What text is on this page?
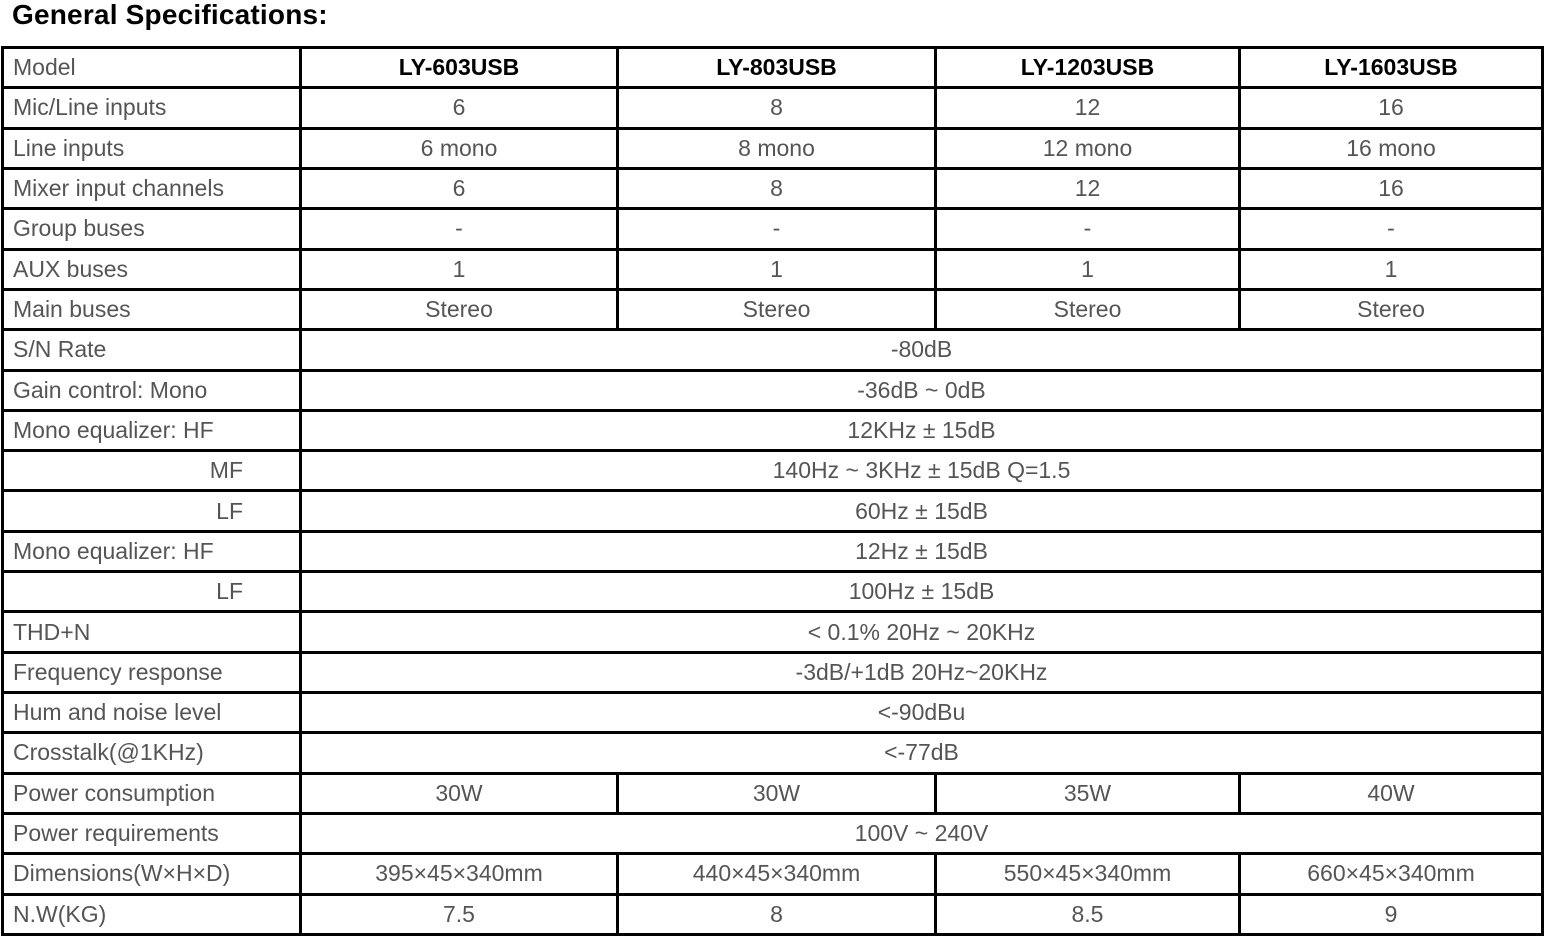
General Specifications:
Model	LY-603USB	LY-803USB	LY-1203USB	LY-1603USB
Mic/Line inputs	6	8	12	16
Line inputs	6 mono	8 mono	12 mono	16 mono
Mixer input channels	6	8	12	16
Group buses	-	-	-	-
AUX buses	1	1	1	1
Main buses	Stereo	Stereo	Stereo	Stereo
S/N Rate	-80dB			
Gain control: Mono	-36dB ~ 0dB			
Mono equalizer: HF	12KHz ± 15dB			
MF	140Hz ~ 3KHz ± 15dB Q=1.5			
LF	60Hz ± 15dB			
Mono equalizer: HF	12Hz ± 15dB			
LF	100Hz ± 15dB			
THD+N	< 0.1% 20Hz ~ 20KHz			
Frequency response	-3dB/+1dB 20Hz~20KHz			
Hum and noise level	<-90dBu			
Crosstalk(@1KHz)	<-77dB			
Power consumption	30W	30W	35W	40W
Power requirements	100V ~ 240V			
Dimensions(W×H×D)	395×45×340mm	440×45×340mm	550×45×340mm	660×45×340mm
N.W(KG)	7.5	8	8.5	9
